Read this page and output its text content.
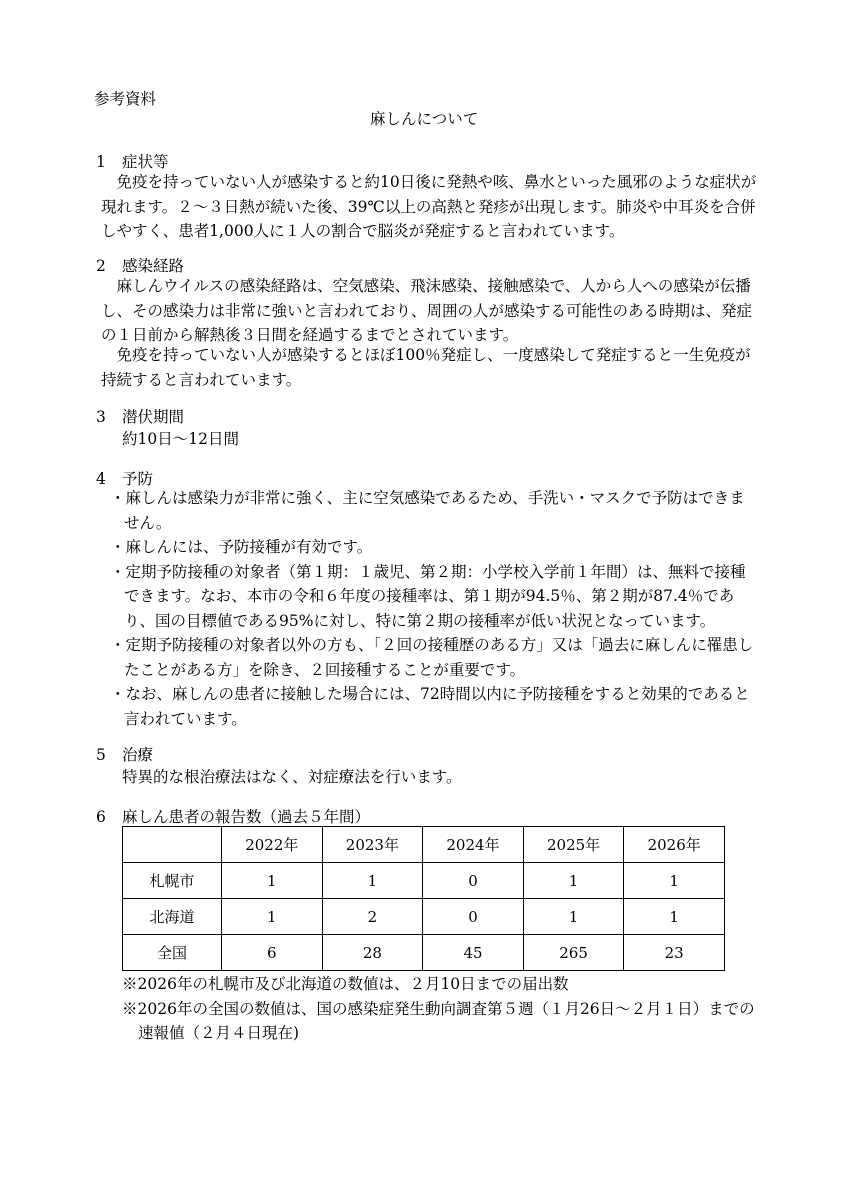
参考資料
麻しんについて
1 症状等
免疫を持っていない人が感染すると約10日後に発熱や咳、鼻水といった風邪のような症状が現れます。２～３日熱が続いた後、39℃以上の高熱と発疹が出現します。肺炎や中耳炎を合併しやすく、患者1,000人に１人の割合で脳炎が発症すると言われています。
2 感染経路
麻しんウイルスの感染経路は、空気感染、飛沫感染、接触感染で、人から人への感染が伝播し、その感染力は非常に強いと言われており、周囲の人が感染する可能性のある時期は、発症の１日前から解熱後３日間を経過するまでとされています。
免疫を持っていない人が感染するとほぼ100％発症し、一度感染して発症すると一生免疫が持続すると言われています。
3 潜伏期間
約10日～12日間
4 予防
・麻しんは感染力が非常に強く、主に空気感染であるため、手洗い・マスクで予防はできません。
・麻しんには、予防接種が有効です。
・定期予防接種の対象者（第１期：１歳児、第２期：小学校入学前１年間）は、無料で接種できます。なお、本市の令和６年度の接種率は、第１期が94.5％、第２期が87.4％であり、国の目標値である95%に対し、特に第２期の接種率が低い状況となっています。
・定期予防接種の対象者以外の方も、「２回の接種歴のある方」又は「過去に麻しんに罹患したことがある方」を除き、２回接種することが重要です。
・なお、麻しんの患者に接触した場合には、72時間以内に予防接種をすると効果的であると言われています。
5 治療
特異的な根治療法はなく、対症療法を行います。
6 麻しん患者の報告数（過去５年間）
	2022年	2023年	2024年	2025年	2026年
札幌市	1	1	0	1	1
北海道	1	2	0	1	1
全国	6	28	45	265	23
※2026年の札幌市及び北海道の数値は、２月10日までの届出数
※2026年の全国の数値は、国の感染症発生動向調査第５週（１月26日～２月１日）までの速報値（２月４日現在)
